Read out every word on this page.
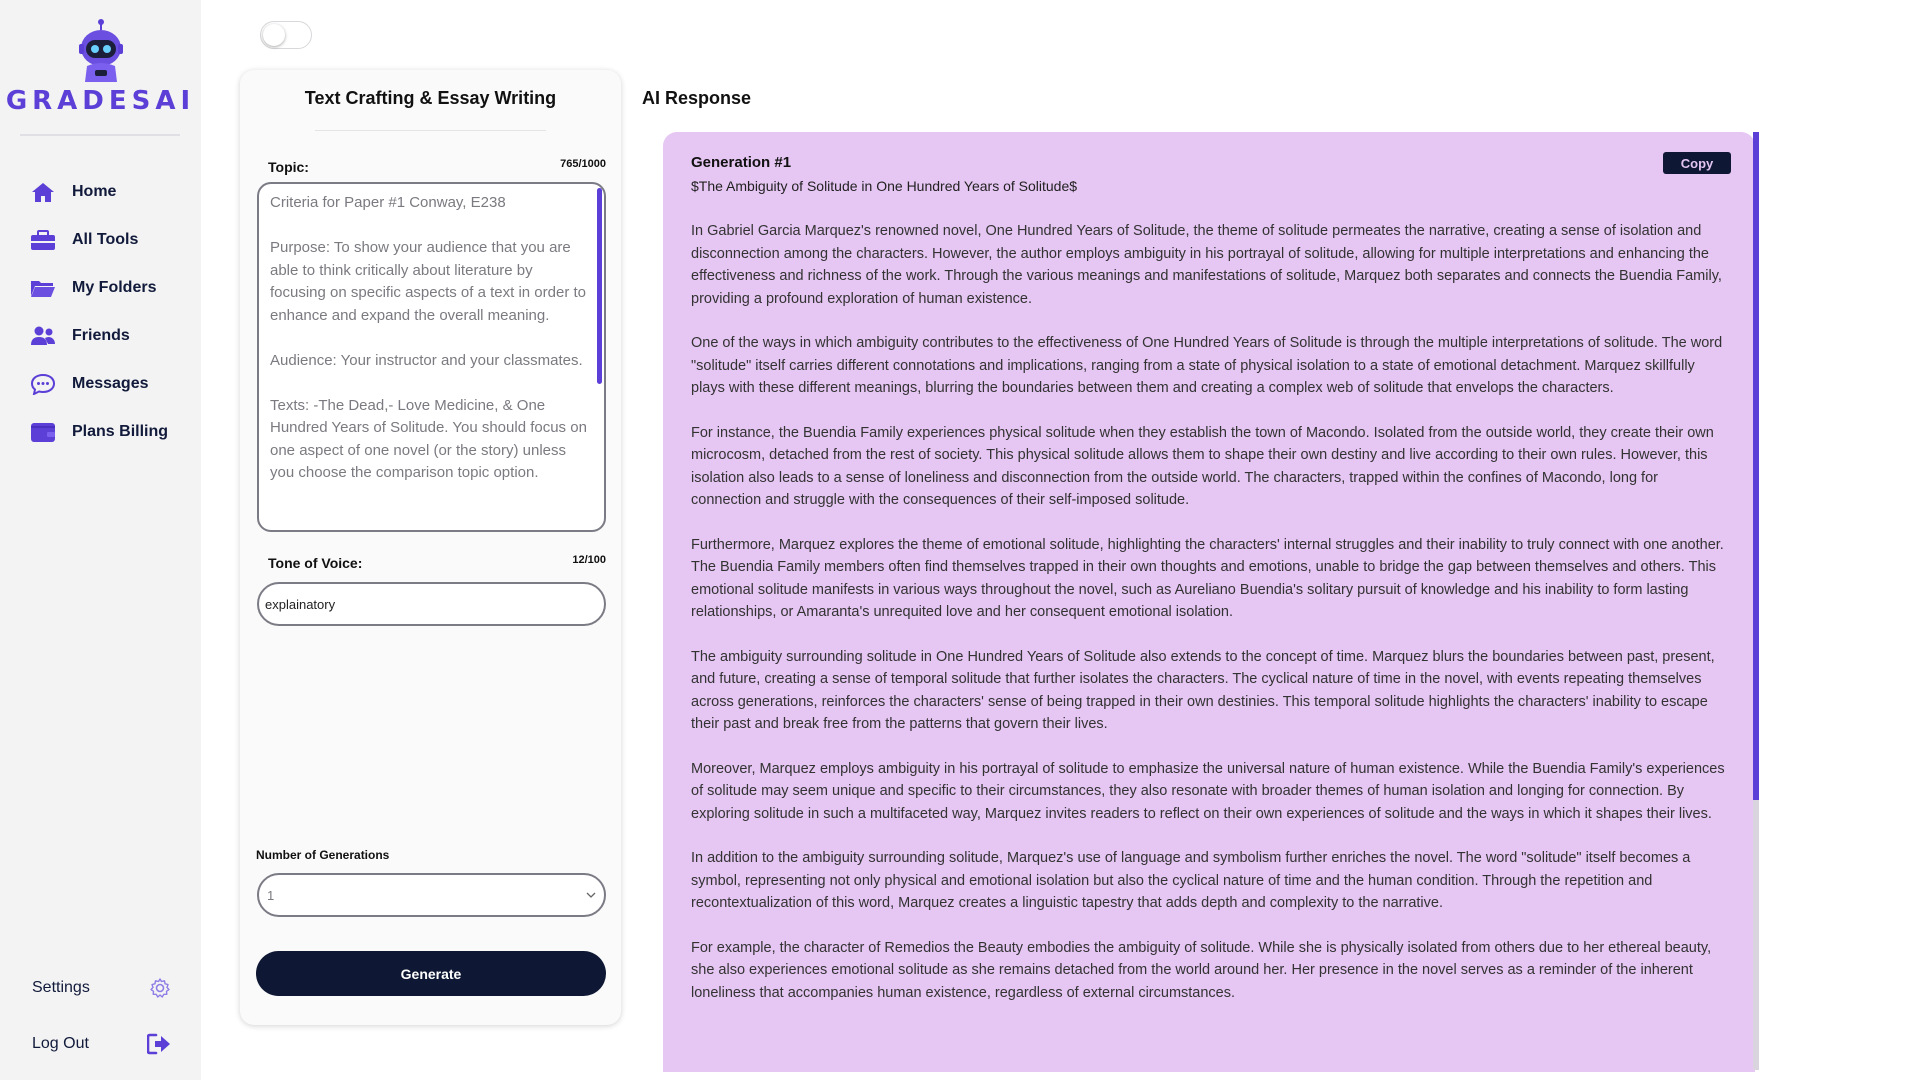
GRADESAI
Home
All Tools
My Folders
Friends
Messages
Plans Billing
Settings
Log Out
Text Crafting & Essay Writing
Topic:	765/1000
Criteria for Paper #1 Conway, E238

Purpose: To show your audience that you are able to think critically about literature by focusing on specific aspects of a text in order to enhance and expand the overall meaning.

Audience: Your instructor and your classmates.

Texts: -The Dead,- Love Medicine, & One Hundred Years of Solitude. You should focus on one aspect of one novel (or the story) unless you choose the comparison topic option.
Tone of Voice:	12/100
explainatory
Number of Generations
1
Generate
AI Response
Generation #1
$The Ambiguity of Solitude in One Hundred Years of Solitude$
Copy

In Gabriel Garcia Marquez's renowned novel, One Hundred Years of Solitude, the theme of solitude permeates the narrative, creating a sense of isolation and disconnection among the characters. However, the author employs ambiguity in his portrayal of solitude, allowing for multiple interpretations and enhancing the effectiveness and richness of the work. Through the various meanings and manifestations of solitude, Marquez both separates and connects the Buendia Family, providing a profound exploration of human existence.

One of the ways in which ambiguity contributes to the effectiveness of One Hundred Years of Solitude is through the multiple interpretations of solitude. The word "solitude" itself carries different connotations and implications, ranging from a state of physical isolation to a state of emotional detachment. Marquez skillfully plays with these different meanings, blurring the boundaries between them and creating a complex web of solitude that envelops the characters.

For instance, the Buendia Family experiences physical solitude when they establish the town of Macondo. Isolated from the outside world, they create their own microcosm, detached from the rest of society. This physical solitude allows them to shape their own destiny and live according to their own rules. However, this isolation also leads to a sense of loneliness and disconnection from the outside world. The characters, trapped within the confines of Macondo, long for connection and struggle with the consequences of their self-imposed solitude.

Furthermore, Marquez explores the theme of emotional solitude, highlighting the characters' internal struggles and their inability to truly connect with one another. The Buendia Family members often find themselves trapped in their own thoughts and emotions, unable to bridge the gap between themselves and others. This emotional solitude manifests in various ways throughout the novel, such as Aureliano Buendia's solitary pursuit of knowledge and his inability to form lasting relationships, or Amaranta's unrequited love and her consequent emotional isolation.

The ambiguity surrounding solitude in One Hundred Years of Solitude also extends to the concept of time. Marquez blurs the boundaries between past, present, and future, creating a sense of temporal solitude that further isolates the characters. The cyclical nature of time in the novel, with events repeating themselves across generations, reinforces the characters' sense of being trapped in their own destinies. This temporal solitude highlights the characters' inability to escape their past and break free from the patterns that govern their lives.

Moreover, Marquez employs ambiguity in his portrayal of solitude to emphasize the universal nature of human existence. While the Buendia Family's experiences of solitude may seem unique and specific to their circumstances, they also resonate with broader themes of human isolation and longing for connection. By exploring solitude in such a multifaceted way, Marquez invites readers to reflect on their own experiences of solitude and the ways in which it shapes their lives.

In addition to the ambiguity surrounding solitude, Marquez's use of language and symbolism further enriches the novel. The word "solitude" itself becomes a symbol, representing not only physical and emotional isolation but also the cyclical nature of time and the human condition. Through the repetition and recontextualization of this word, Marquez creates a linguistic tapestry that adds depth and complexity to the narrative.

For example, the character of Remedios the Beauty embodies the ambiguity of solitude. While she is physically isolated from others due to her ethereal beauty, she also experiences emotional solitude as she remains detached from the world around her. Her presence in the novel serves as a reminder of the inherent loneliness that accompanies human existence, regardless of external circumstances.
